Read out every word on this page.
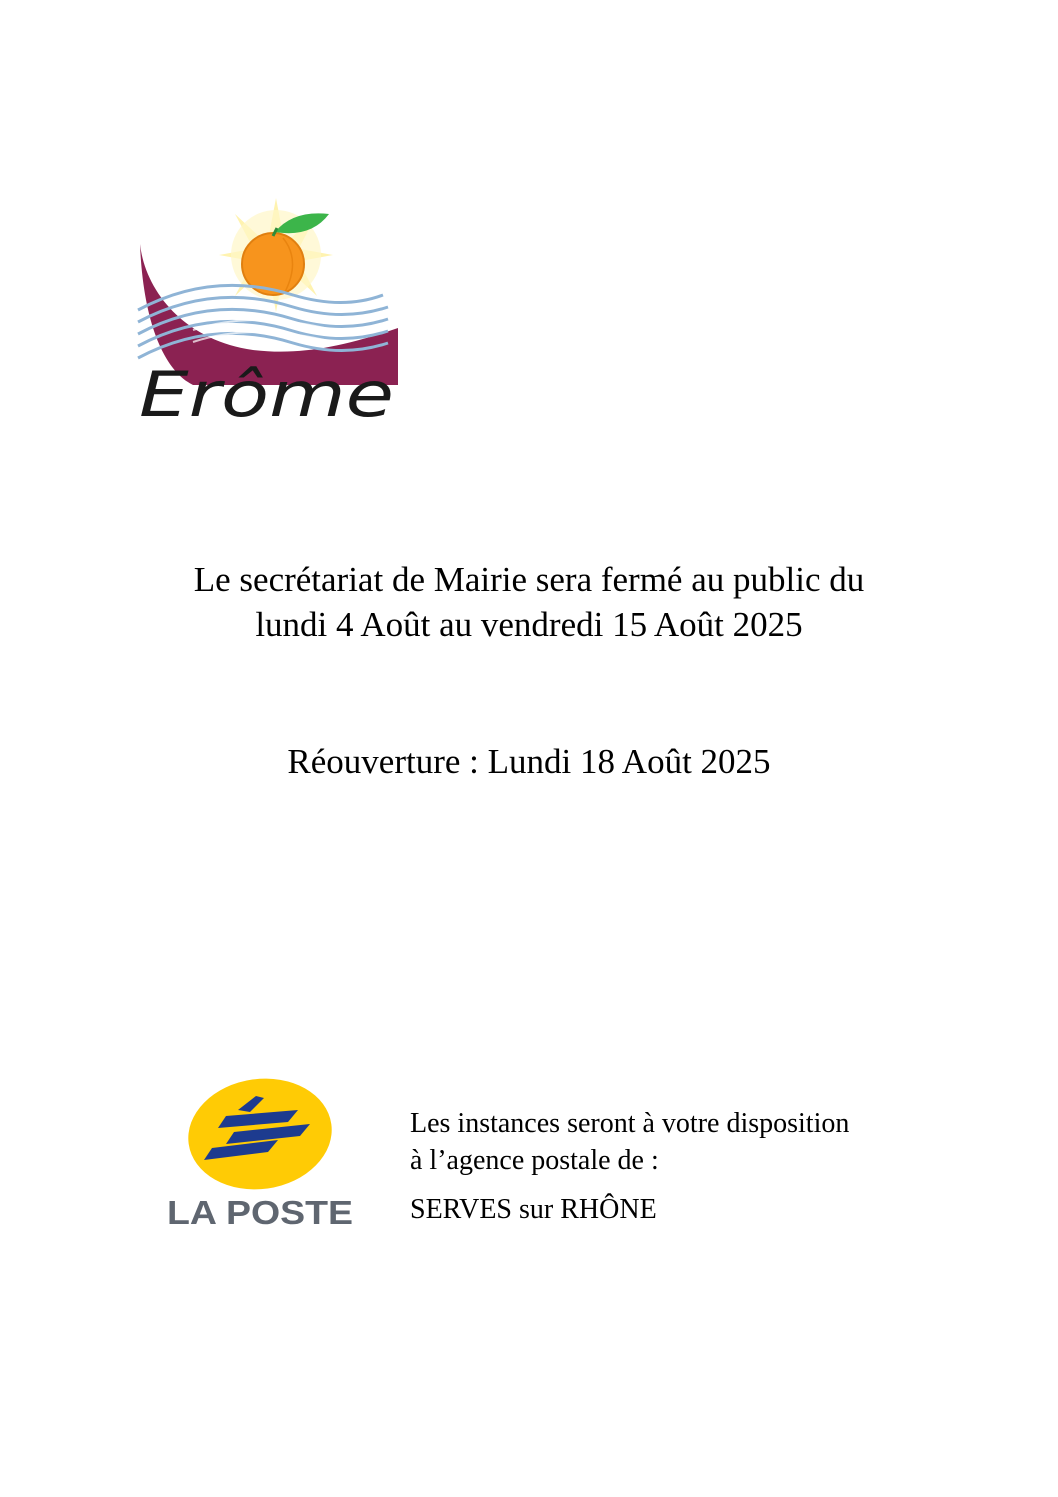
Erôme
Le secrétariat de Mairie sera fermé au public du
lundi 4 Août au vendredi 15 Août 2025
Réouverture : Lundi 18 Août 2025
LA POSTE
Les instances seront à votre disposition
à l’agence postale de :
SERVES sur RHÔNE
